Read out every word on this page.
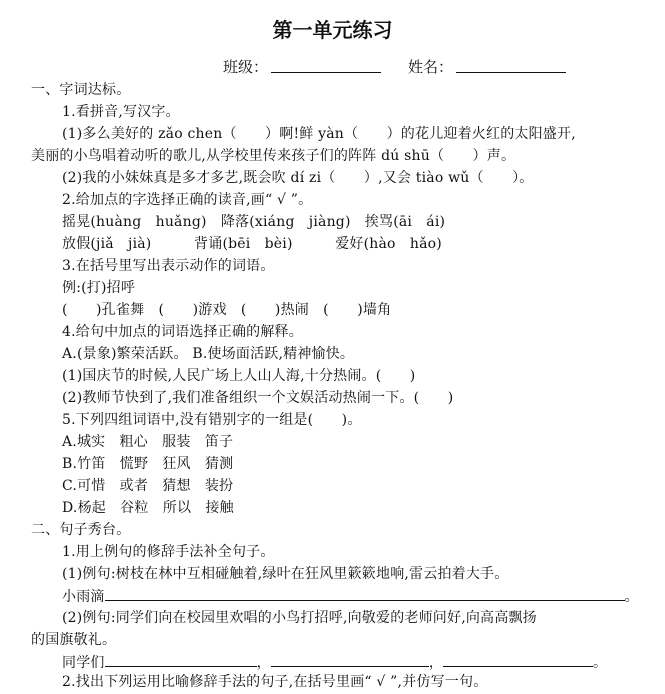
第一单元练习
班级：	姓名：
一、字词达标。
1.看拼音,写汉字。
(1)多么美好的 zǎo chen（　　）啊!鲜 yàn（　　）的花儿迎着火红的太阳盛开,
美丽的小鸟唱着动听的歌儿,从学校里传来孩子们的阵阵 dú shū（　　）声。
(2)我的小妹妹真是多才多艺,既会吹 dí zi（　　）,又会 tiào wǔ（　　）。
2.给加点的字选择正确的读音,画“ √ ”。
摇晃(huàng　huǎng)　降落(xiáng　jiàng)　挨骂(āi　ái)
放假(jiǎ　jià)　　　背诵(bēi　bèi)　　　爱好(hào　hǎo)
3.在括号里写出表示动作的词语。
例:(打)招呼
(　　)孔雀舞　(　　)游戏　(　　)热闹　(　　)墙角
4.给句中加点的词语选择正确的解释。
A.(景象)繁荣活跃。 B.使场面活跃,精神愉快。
(1)国庆节的时候,人民广场上人山人海,十分热闹。(　　)
(2)教师节快到了,我们准备组织一个文娱活动热闹一下。(　　)
5.下列四组词语中,没有错别字的一组是(　　)。
A.城实　粗心　服装　笛子
B.竹笛　慌野　狂风　猜测
C.可惜　或者　猜想　装扮
D.杨起　谷粒　所以　接触
二、句子秀台。
1.用上例句的修辞手法补全句子。
(1)例句:树枝在林中互相碰触着,绿叶在狂风里簌簌地响,雷云拍着大手。
小雨滴	。
(2)例句:同学们向在校园里欢唱的小鸟打招呼,向敬爱的老师问好,向高高飘扬
的国旗敬礼。
同学们	，	，	。
2.找出下列运用比喻修辞手法的句子,在括号里画“ √ ”,并仿写一句。
